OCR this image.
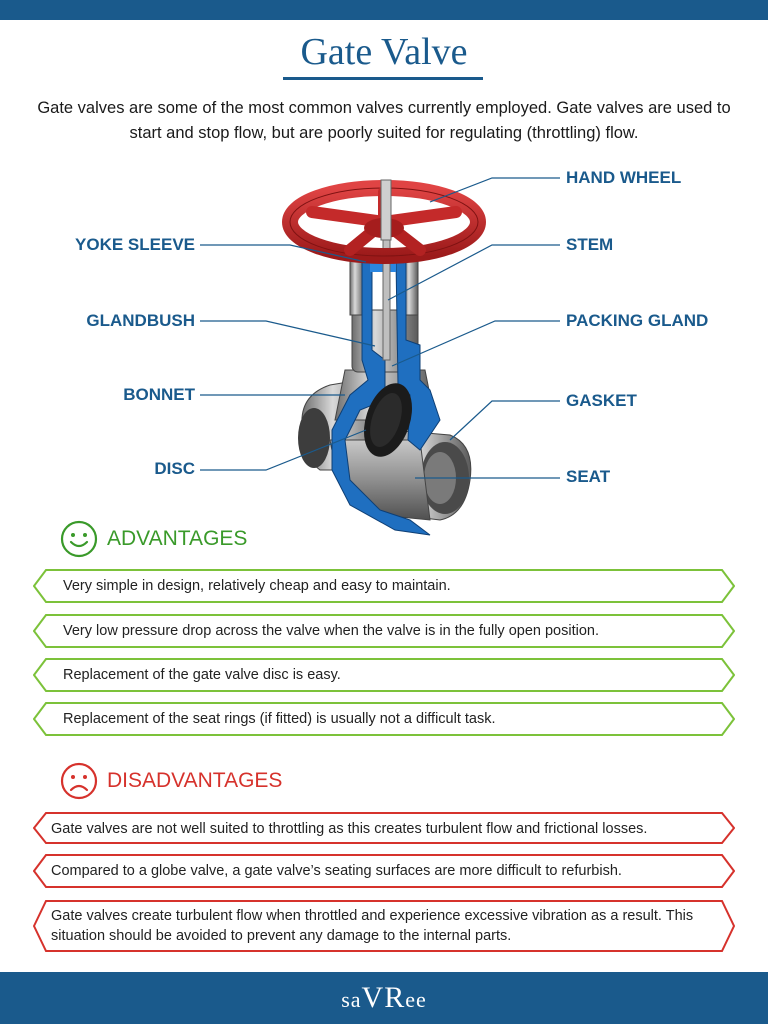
Gate Valve
Gate valves are some of the most common valves currently employed. Gate valves are used to start and stop flow, but are poorly suited for regulating (throttling) flow.
HAND WHEEL
YOKE SLEEVE	STEM
GLANDBUSH	PACKING GLAND
BONNET	GASKET
DISC	SEAT
ADVANTAGES
Very simple in design, relatively cheap and easy to maintain.
Very low pressure drop across the valve when the valve is in the fully open position.
Replacement of the gate valve disc is easy.
Replacement of the seat rings (if fitted) is usually not a difficult task.
DISADVANTAGES
Gate valves are not well suited to throttling as this creates turbulent flow and frictional losses.
Compared to a globe valve, a gate valve’s seating surfaces are more difficult to refurbish.
Gate valves create turbulent flow when throttled and experience excessive vibration as a result. This situation should be avoided to prevent any damage to the internal parts.
saVRee
